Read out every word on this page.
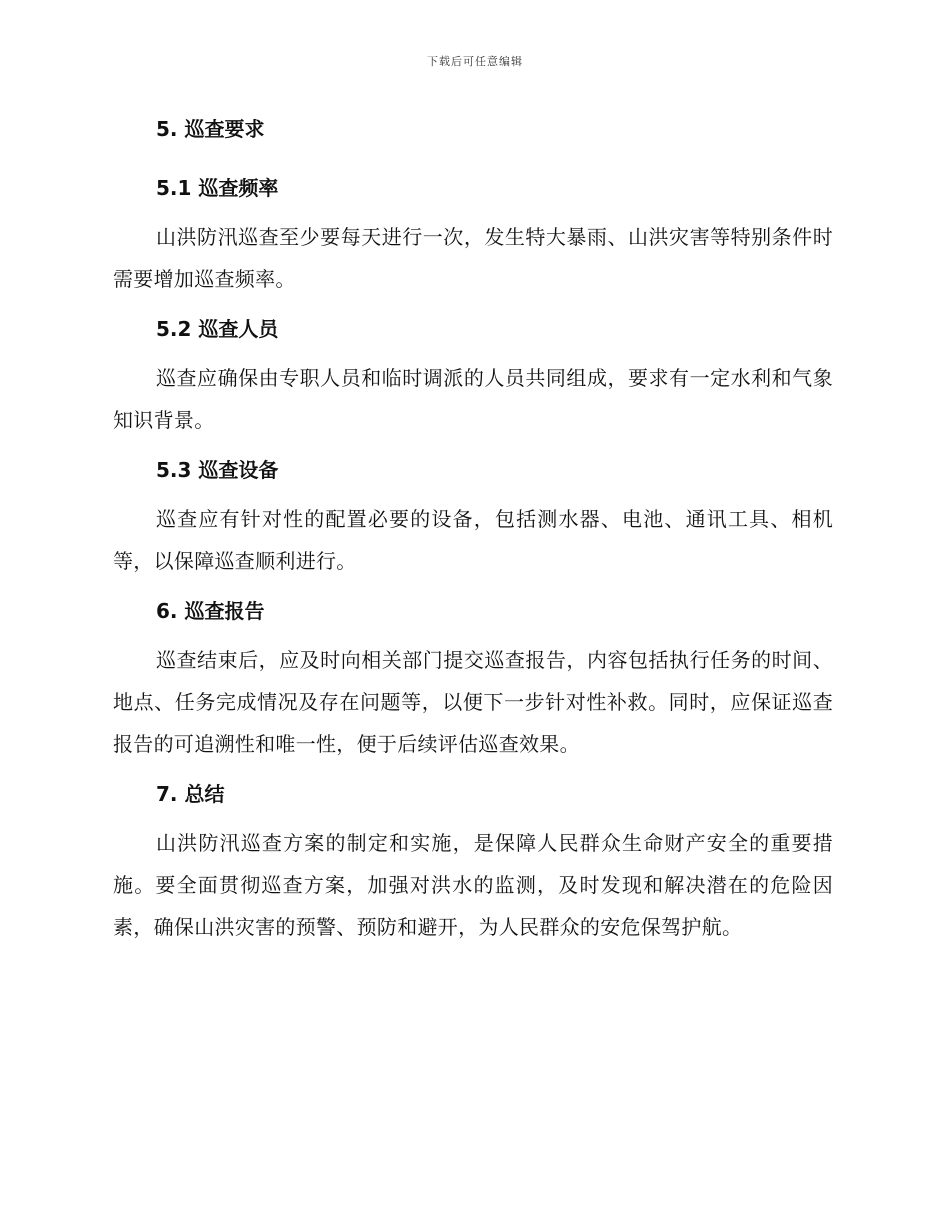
下载后可任意编辑
5. 巡查要求
5.1 巡查频率

山洪防汛巡查至少要每天进行一次，发生特大暴雨、山洪灾害等特别条件时需要增加巡查频率。

5.2 巡查人员

巡查应确保由专职人员和临时调派的人员共同组成，要求有一定水利和气象知识背景。

5.3 巡查设备

巡查应有针对性的配置必要的设备，包括测水器、电池、通讯工具、相机等，以保障巡查顺利进行。

6. 巡查报告

巡查结束后，应及时向相关部门提交巡查报告，内容包括执行任务的时间、地点、任务完成情况及存在问题等，以便下一步针对性补救。同时，应保证巡查报告的可追溯性和唯一性，便于后续评估巡查效果。

7. 总结

山洪防汛巡查方案的制定和实施，是保障人民群众生命财产安全的重要措施。要全面贯彻巡查方案，加强对洪水的监测，及时发现和解决潜在的危险因素，确保山洪灾害的预警、预防和避开，为人民群众的安危保驾护航。
